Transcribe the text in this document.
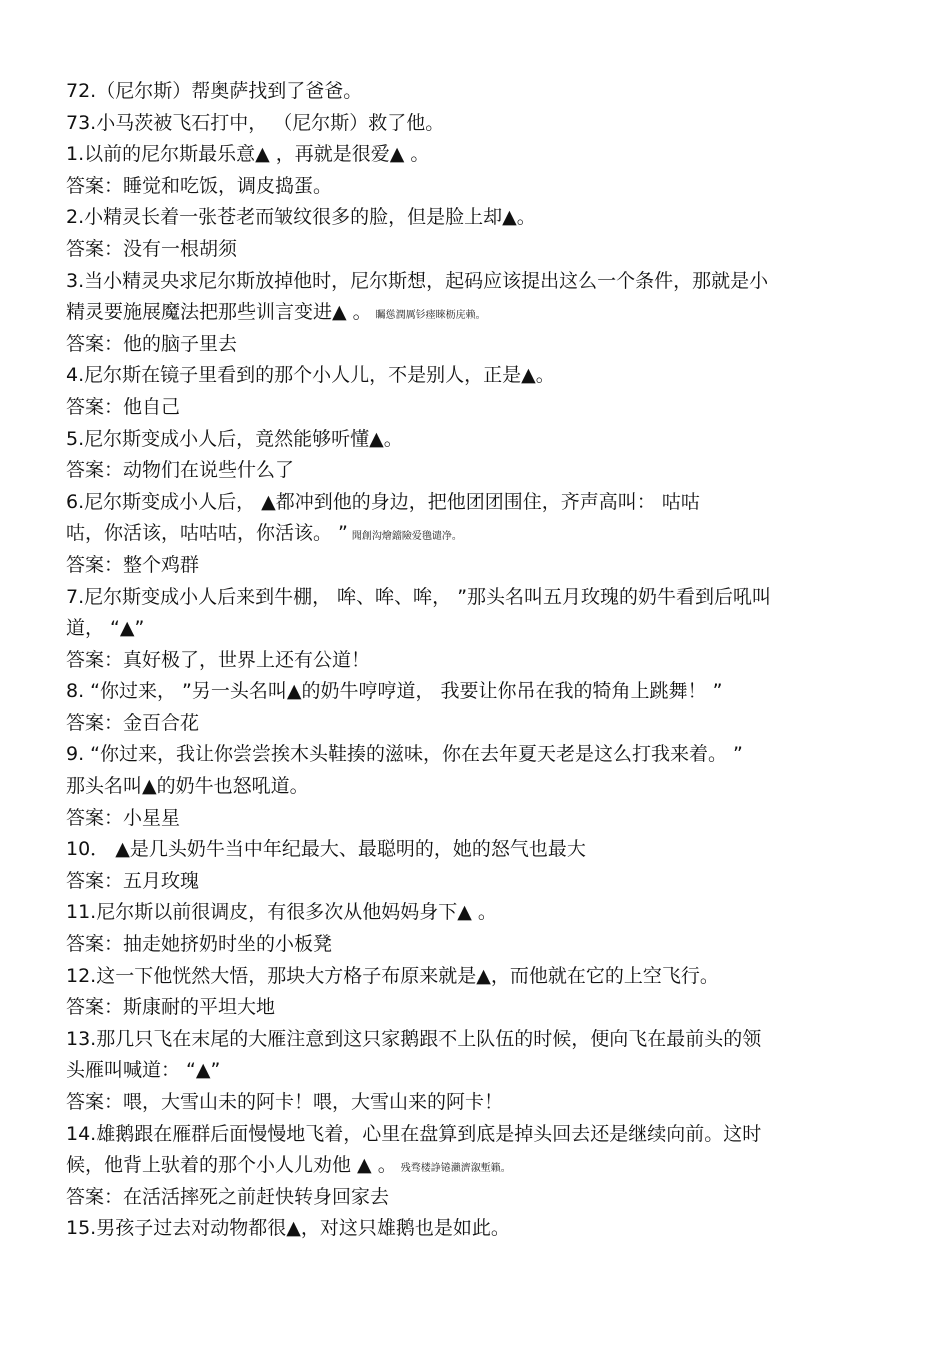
72.（尼尔斯）帮奥萨找到了爸爸。
73.小马茨被飞石打中， （尼尔斯）救了他。
1.以前的尼尔斯最乐意▲ ，再就是很爱▲ 。
答案：睡觉和吃饭，调皮捣蛋。
2.小精灵长着一张苍老而皱纹很多的脸，但是脸上却▲。
答案：没有一根胡须
3.当小精灵央求尼尔斯放掉他时，尼尔斯想，起码应该提出这么一个条件，那就是小
精灵要施展魔法把那些训言变进▲ 。 矚慫潤厲钐瘗睞枥庑赖。
答案：他的脑子里去
4.尼尔斯在镜子里看到的那个小人儿，不是别人，正是▲。
答案：他自己
5.尼尔斯变成小人后，竟然能够听懂▲。
答案：动物们在说些什么了
6.尼尔斯变成小人后， ▲都冲到他的身边，把他团团围住，齐声高叫： 咕咕
咕，你活该，咕咕咕，你活该。 ” 聞創沟燴鐺險爱氇谴净。
答案：整个鸡群
7.尼尔斯变成小人后来到牛棚， 哞、哞、哞， ”那头名叫五月玫瑰的奶牛看到后吼叫
道， “▲”
答案：真好极了，世界上还有公道！
8. “你过来， ”另一头名叫▲的奶牛哼哼道， 我要让你吊在我的犄角上跳舞！ ”
答案：金百合花
9. “你过来，我让你尝尝挨木头鞋揍的滋味，你在去年夏天老是这么打我来着。 ”
那头名叫▲的奶牛也怒吼道。
答案：小星星
10． ▲是几头奶牛当中年纪最大、最聪明的，她的怒气也最大
答案：五月玫瑰
11.尼尔斯以前很调皮，有很多次从他妈妈身下▲ 。
答案：抽走她挤奶时坐的小板凳
12.这一下他恍然大悟，那块大方格子布原来就是▲，而他就在它的上空飞行。
答案：斯康耐的平坦大地
13.那几只飞在末尾的大雁注意到这只家鹅跟不上队伍的时候，便向飞在最前头的领
头雁叫喊道： “▲”
答案：喂，大雪山未的阿卡！喂，大雪山来的阿卡！
14.雄鹅跟在雁群后面慢慢地飞着，心里在盘算到底是掉头回去还是继续向前。这时
候，他背上驮着的那个小人儿劝他 ▲ 。 残骛楼諍锩瀨濟溆塹籟。
答案：在活活摔死之前赶快转身回家去
15.男孩子过去对动物都很▲，对这只雄鹅也是如此。
